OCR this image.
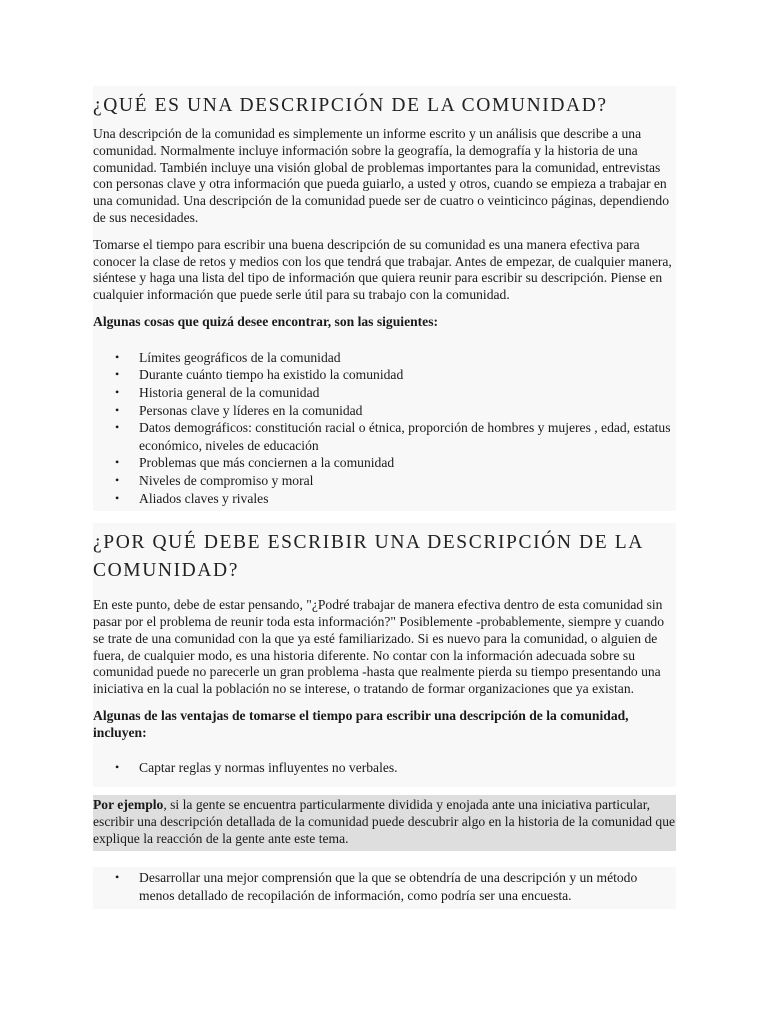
¿QUÉ ES UNA DESCRIPCIÓN DE LA COMUNIDAD?

Una descripción de la comunidad es simplemente un informe escrito y un análisis que describe a una comunidad. Normalmente incluye información sobre la geografía, la demografía y la historia de una comunidad. También incluye una visión global de problemas importantes para la comunidad, entrevistas con personas clave y otra información que pueda guiarlo, a usted y otros, cuando se empieza a trabajar en una comunidad. Una descripción de la comunidad puede ser de cuatro o veinticinco páginas, dependiendo de sus necesidades.

Tomarse el tiempo para escribir una buena descripción de su comunidad es una manera efectiva para conocer la clase de retos y medios con los que tendrá que trabajar. Antes de empezar, de cualquier manera, siéntese y haga una lista del tipo de información que quiera reunir para escribir su descripción. Piense en cualquier información que puede serle útil para su trabajo con la comunidad.

Algunas cosas que quizá desee encontrar, son las siguientes:

• Límites geográficos de la comunidad
• Durante cuánto tiempo ha existido la comunidad
• Historia general de la comunidad
• Personas clave y líderes en la comunidad
• Datos demográficos: constitución racial o étnica, proporción de hombres y mujeres , edad, estatus económico, niveles de educación
• Problemas que más conciernen a la comunidad
• Niveles de compromiso y moral
• Aliados claves y rivales
¿POR QUÉ DEBE ESCRIBIR UNA DESCRIPCIÓN DE LA COMUNIDAD?

En este punto, debe de estar pensando, "¿Podré trabajar de manera efectiva dentro de esta comunidad sin pasar por el problema de reunir toda esta información?" Posiblemente -probablemente, siempre y cuando se trate de una comunidad con la que ya esté familiarizado. Si es nuevo para la comunidad, o alguien de fuera, de cualquier modo, es una historia diferente. No contar con la información adecuada sobre su comunidad puede no parecerle un gran problema -hasta que realmente pierda su tiempo presentando una iniciativa en la cual la población no se interese, o tratando de formar organizaciones que ya existan.

Algunas de las ventajas de tomarse el tiempo para escribir una descripción de la comunidad, incluyen:

• Captar reglas y normas influyentes no verbales.

Por ejemplo, si la gente se encuentra particularmente dividida y enojada ante una iniciativa particular, escribir una descripción detallada de la comunidad puede descubrir algo en la historia de la comunidad que explique la reacción de la gente ante este tema.

• Desarrollar una mejor comprensión que la que se obtendría de una descripción y un método menos detallado de recopilación de información, como podría ser una encuesta.
